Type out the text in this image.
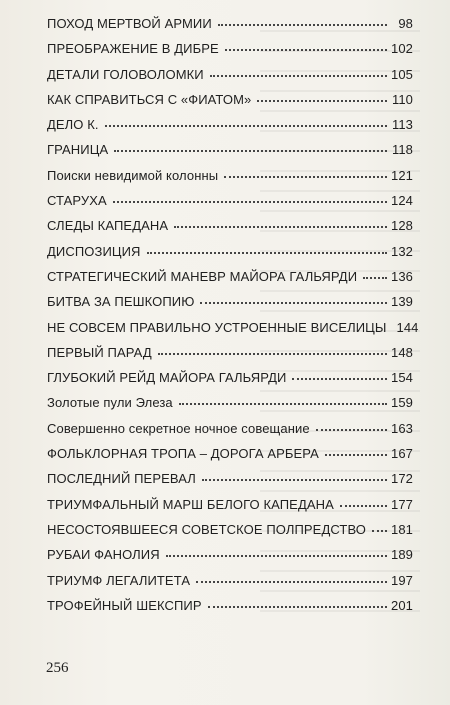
ПОХОД МЕРТВОЙ АРМИИ	98
ПРЕОБРАЖЕНИЕ В ДИБРЕ	102
ДЕТАЛИ ГОЛОВОЛОМКИ	105
КАК СПРАВИТЬСЯ С «ФИАТОМ»	110
ДЕЛО К.	113
ГРАНИЦА	118
Поиски невидимой колонны	121
СТАРУХА	124
СЛЕДЫ КАПЕДАНА	128
ДИСПОЗИЦИЯ	132
СТРАТЕГИЧЕСКИЙ МАНЕВР МАЙОРА ГАЛЬЯРДИ	136
БИТВА ЗА ПЕШКОПИЮ	139
НЕ СОВСЕМ ПРАВИЛЬНО УСТРОЕННЫЕ ВИСЕЛИЦЫ 144
ПЕРВЫЙ ПАРАД	148
ГЛУБОКИЙ РЕЙД МАЙОРА ГАЛЬЯРДИ	154
Золотые пули Элеза	159
Совершенно секретное ночное совещание	163
ФОЛЬКЛОРНАЯ ТРОПА – ДОРОГА АРБЕРА	167
ПОСЛЕДНИЙ ПЕРЕВАЛ	172
ТРИУМФАЛЬНЫЙ МАРШ БЕЛОГО КАПЕДАНА	177
НЕСОСТОЯВШЕЕСЯ СОВЕТСКОЕ ПОЛПРЕДСТВО 181
РУБАИ ФАНОЛИЯ	189
ТРИУМФ ЛЕГАЛИТЕТА	197
ТРОФЕЙНЫЙ ШЕКСПИР	201
256
